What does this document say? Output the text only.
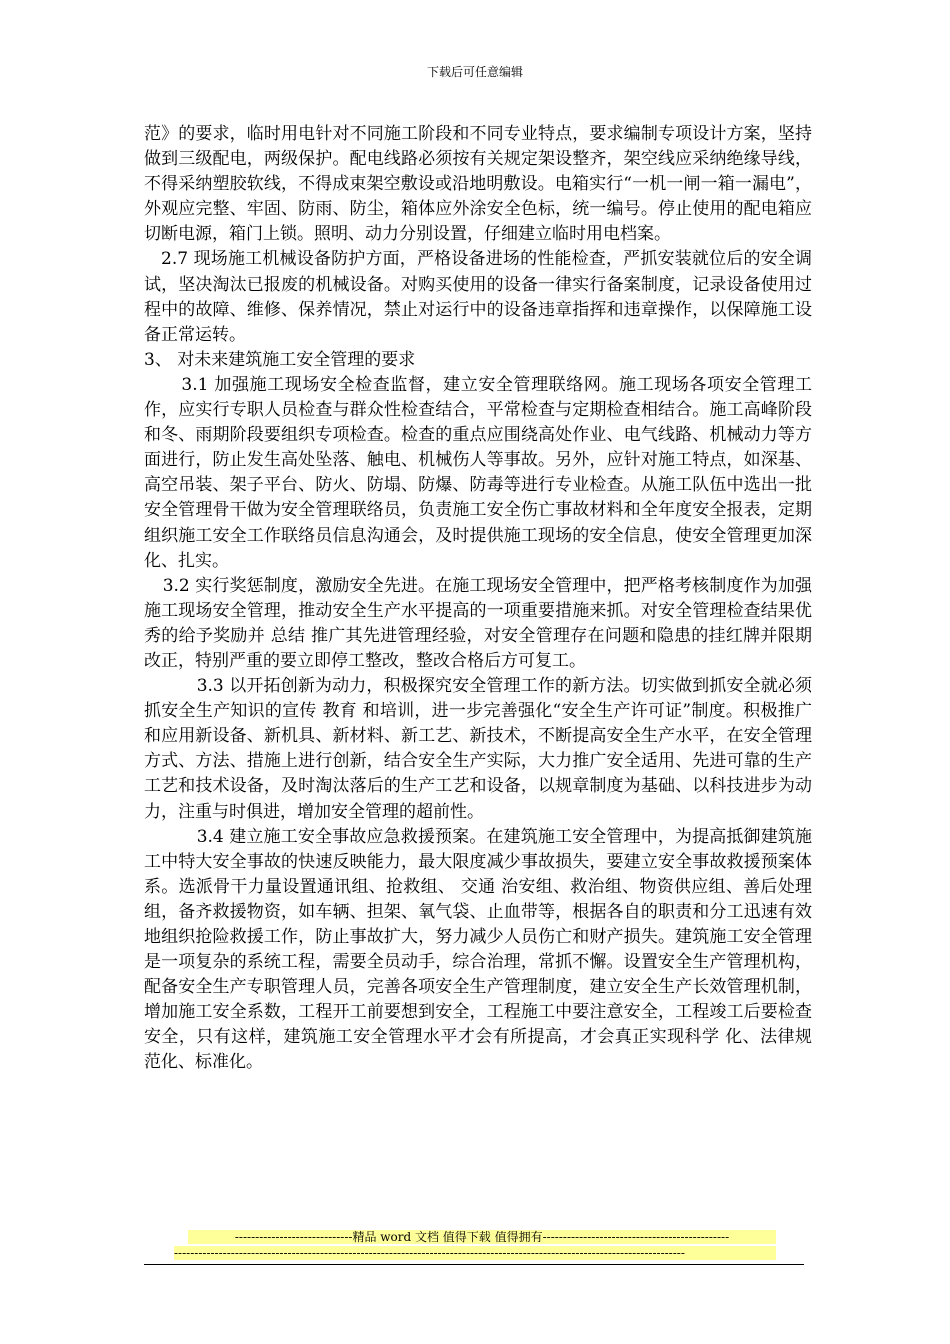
下载后可任意编辑

范》的要求，临时用电针对不同施工阶段和不同专业特点，要求编制专项设计方案，坚持做到三级配电，两级保护。配电线路必须按有关规定架设整齐，架空线应采纳绝缘导线，不得采纳塑胶软线，不得成束架空敷设或沿地明敷设。电箱实行“一机一闸一箱一漏电”，外观应完整、牢固、防雨、防尘，箱体应外涂安全色标，统一编号。停止使用的配电箱应切断电源，箱门上锁。照明、动力分别设置，仔细建立临时用电档案。

2.7 现场施工机械设备防护方面，严格设备进场的性能检查，严抓安装就位后的安全调试，坚决淘汰已报废的机械设备。对购买使用的设备一律实行备案制度，记录设备使用过程中的故障、维修、保养情况，禁止对运行中的设备违章指挥和违章操作，以保障施工设备正常运转。

3、 对未来建筑施工安全管理的要求

3.1 加强施工现场安全检查监督，建立安全管理联络网。施工现场各项安全管理工作，应实行专职人员检查与群众性检查结合，平常检查与定期检查相结合。施工高峰阶段和冬、雨期阶段要组织专项检查。检查的重点应围绕高处作业、电气线路、机械动力等方面进行，防止发生高处坠落、触电、机械伤人等事故。另外，应针对施工特点，如深基、高空吊装、架子平台、防火、防塌、防爆、防毒等进行专业检查。从施工队伍中选出一批安全管理骨干做为安全管理联络员，负责施工安全伤亡事故材料和全年度安全报表，定期组织施工安全工作联络员信息沟通会，及时提供施工现场的安全信息，使安全管理更加深化、扎实。

3.2 实行奖惩制度，激励安全先进。在施工现场安全管理中，把严格考核制度作为加强施工现场安全管理，推动安全生产水平提高的一项重要措施来抓。对安全管理检查结果优秀的给予奖励并 总结 推广其先进管理经验，对安全管理存在问题和隐患的挂红牌并限期改正，特别严重的要立即停工整改，整改合格后方可复工。

3.3 以开拓创新为动力，积极探究安全管理工作的新方法。切实做到抓安全就必须抓安全生产知识的宣传 教育 和培训，进一步完善强化“安全生产许可证”制度。积极推广和应用新设备、新机具、新材料、新工艺、新技术，不断提高安全生产水平，在安全管理方式、方法、措施上进行创新，结合安全生产实际，大力推广安全适用、先进可靠的生产工艺和技术设备，及时淘汰落后的生产工艺和设备，以规章制度为基础、以科技进步为动力，注重与时俱进，增加安全管理的超前性。

3.4 建立施工安全事故应急救援预案。在建筑施工安全管理中，为提高抵御建筑施工中特大安全事故的快速反映能力，最大限度减少事故损失，要建立安全事故救援预案体系。选派骨干力量设置通讯组、抢救组、 交通 治安组、救治组、物资供应组、善后处理组，备齐救援物资，如车辆、担架、氧气袋、止血带等，根据各自的职责和分工迅速有效地组织抢险救援工作，防止事故扩大，努力减少人员伤亡和财产损失。建筑施工安全管理是一项复杂的系统工程，需要全员动手，综合治理，常抓不懈。设置安全生产管理机构，配备安全生产专职管理人员，完善各项安全生产管理制度，建立安全生产长效管理机制，增加施工安全系数，工程开工前要想到安全，工程施工中要注意安全，工程竣工后要检查安全，只有这样，建筑施工安全管理水平才会有所提高，才会真正实现科学 化、法律规范化、标准化。

-----------------------------精品 word 文档 值得下载 值得拥有----------------------------------------------
------------------------------------------------------------------------------------------------------------------------------
